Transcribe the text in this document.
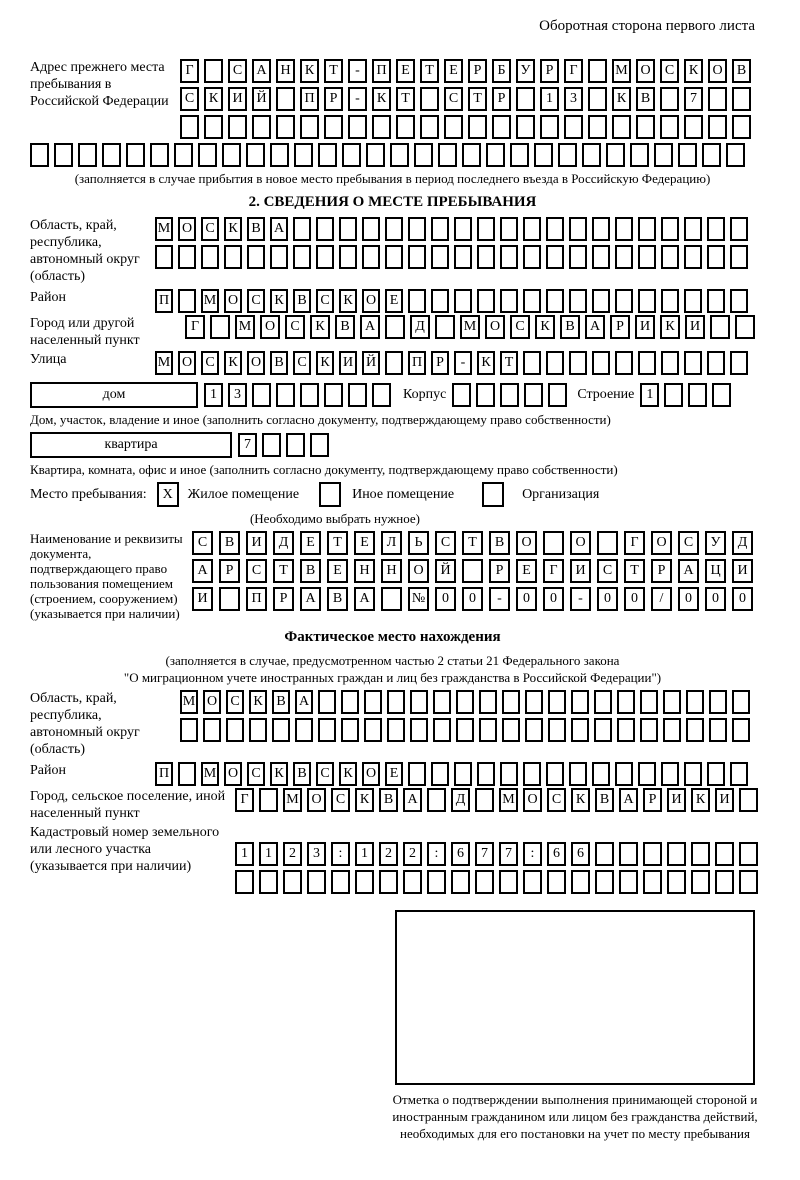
Оборотная сторона первого листа
Адрес прежнего места пребывания в Российской Федерации
Г	С	А Н	К	Т	-	П	Е	Т	Е	Р	Б	У	Р	Г	М О	С	К	О	В
С	К	И Й	П	Р	-	К	Т	С	Т	Р	1	3	К	В	7
(заполняется в случае прибытия в новое место пребывания в период последнего въезда в Российскую Федерацию)
2. СВЕДЕНИЯ О МЕСТЕ ПРЕБЫВАНИЯ
Область, край, республика, автономный округ (область)
М О С К В А
Район	П М О С К В С К О Е
Город или другой населенный пункт
Г	М О	С	К	В	А	Д	М О	С	К	В	А	Р	И	К	И
Улица	М О С К О В С К И Й	П	Р	-	К	Т
дом	1	3	Корпус	Строение 1
Дом, участок, владение и иное (заполнить согласно документу, подтверждающему право собственности)
квартира	7
Квартира, комната, офис и иное (заполнить согласно документу, подтверждающему право собственности)
Место пребывания:	X	Жилое помещение	Иное помещение	Организация
(Необходимо выбрать нужное)
Наименование и реквизиты документа, подтверждающего право пользования помещением (строением, сооружением) (указывается при наличии)
С	В	И	Д	Е	Т	Е	Л	Ь	С	Т	В	О	О	Г	О	С	У	Д
А	Р	С	Т	В	Е	Н	Н	О	Й	Р	Е	Г	И	С	Т	Р	А	Ц	И
И	П	Р	А	В	А	№	0	0	-	0	0	-	0	0	/	0	0	0
Фактическое место нахождения
(заполняется в случае, предусмотренном частью 2 статьи 21 Федерального закона
"О миграционном учете иностранных граждан и лиц без гражданства в Российской Федерации")
Область, край, республика, автономный округ (область)
М О С К В А
Район	П М О С К В С К О Е
Город, сельское поселение, иной населенный пункт
Г	М О	С	К	В	А	Д	М О	С	К	В	А	Р	И	К	И
Кадастровый номер земельного или лесного участка (указывается при наличии)
1	1	2	3	:	1	2	2	:	6	7	7	:	6	6
Отметка о подтверждении выполнения принимающей стороной и иностранным гражданином или лицом без гражданства действий, необходимых для его постановки на учет по месту пребывания
